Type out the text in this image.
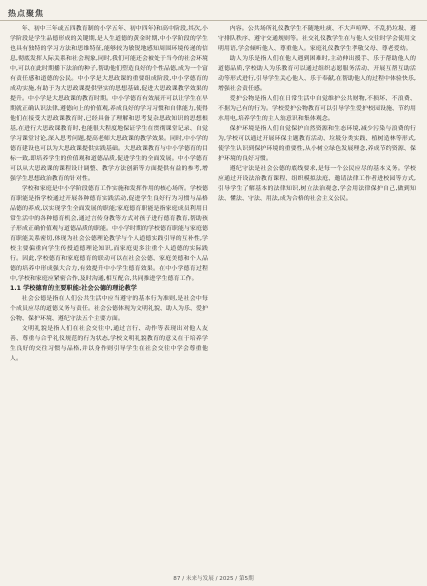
热点聚焦

年、初中三年或五四教育制的小学五年、初中四年)和高中阶段,其次,小学阶段是学生品德形成的关键期,是人生道德的黄金时期,中小学阶段的学生也具有独特的学习方法和思维特征,能够较为敏锐地感知周围环境传递的信息,彻底发挥人际关系和社会现象,同时,我们可能还会被处于当今的社会环境中,可以在此时期播下法治的种子,帮助他们塑造良好的个性品德,成为一个富有责任感和道德的公民。中小学是大思政课的重要组成阶段,中小学德育的成功实施,有助于为大思政课提供坚实的思想基础,促进大思政课教学效果的提升。中小学是大思政课的教育时期。中小学德育有效展开可以让学生在早期就正确认识法律,遵德向上的价值观,养成良好的学习习惯和自律能力,使得他们在接受大思政课教育时,已经具备了理解和思考复杂思政知识的思想根基,在进行大思政课教育时,也能很大程度地保证学生在贯彻课堂记录、自觉学习课堂讨论,深入思考问题,提高老师大思政课的教学效果。同时,中小学的德育建设也可以为大思政课提供实践基础。大思政课教育与中小学德育的目标一致,即培养学生的价值观和道德品质,促进学生的全面发展。中小学德育可以从大思政课的课程设计调整、教学方法创新等方面提供有益的参考,增强学生思想政治教育的针对性。

学校和家庭是中小学阶段德育工作实施和发挥作用的核心场所。学校德育职能是指学校通过开展各种德育实践活动,促进学生良好行为习惯与品格品德的养成,以实现学生全面发展的职能;家庭德育职能是指家庭成员利用日常生活中的各种德育机会,通过言传身教等方式对孩子进行德育教育,帮助孩子形成正确价值观与道德品质的职能。中小学时期的学校德育职能与家庭德育职能关系密切,体现为社会公德理论教学与个人道德实践引导的互补性,学校主要偏重向学生传授道德理论知识,而家庭更多注重个人道德的实际践行。因此,学校德育和家庭德育的联动可以在社会公德、家庭美德和个人品德的培养中形成强大合力,有效提升中小学生德育效果。在中小学德育过程中,学校和家庭应紧密合作,及时沟通,相互配合,共同推进学生德育工作。

1.1 学校德育的主要职能:社会公德的理论教学

社会公德是指在人们公共生活中应当遵守的基本行为准则,是社会中每个成员应尽的道德义务与责任。社会公德体现为文明礼貌、助人为乐、爱护公物、保护环境、遵纪守法五个主要方面。

文明礼貌是指人们在社会交往中,通过言行、动作等表现出对他人友善、尊重与合乎礼仪规范的行为状态,学校文明礼貌教育的意义在于培养学生良好的交往习惯与品格,并以身作则引导学生在社会交往中学会尊重他人。

内容。公共场所礼仪教学生不随地吐痰、不大声喧哗、不乱扔垃圾、遵守排队秩序、遵守交通规则等。社交礼仪教学生在与他人交往时学会使用文明用语,学会倾听他人、尊重他人。家庭礼仪教学生孝敬父母、尊老爱幼。

助人为乐是指人们在他人遇到困难时,主动伸出援手、乐于帮助他人的道德品质,学校助人为乐教育可以通过组织志愿服务活动、开展互帮互助活动等形式进行,引导学生关心他人、乐于奉献,在帮助他人的过程中体验快乐,增强社会责任感。

爱护公物是指人们在日常生活中自觉维护公共财物,不损坏、不浪费、不据为己有的行为。学校爱护公物教育可以引导学生爱护校园设施、节约用水用电,培养学生的主人翁意识和集体观念。

保护环境是指人们自觉保护自然资源和生态环境,减少污染与浪费的行为,学校可以通过开展环保主题教育活动、垃圾分类实践、植树造林等形式,使学生认识到保护环境的重要性,从小树立绿色发展理念,养成节约资源、保护环境的良好习惯。

遵纪守法是社会公德的底线要求,是每一个公民应尽的基本义务。学校应通过开设法治教育课程、组织模拟法庭、邀请法律工作者进校园等方式,引导学生了解基本的法律知识,树立法治观念,学会用法律保护自己,做到知法、懂法、守法、用法,成为合格的社会主义公民。

87 / 未来与发展 / 2025 / 第5期
